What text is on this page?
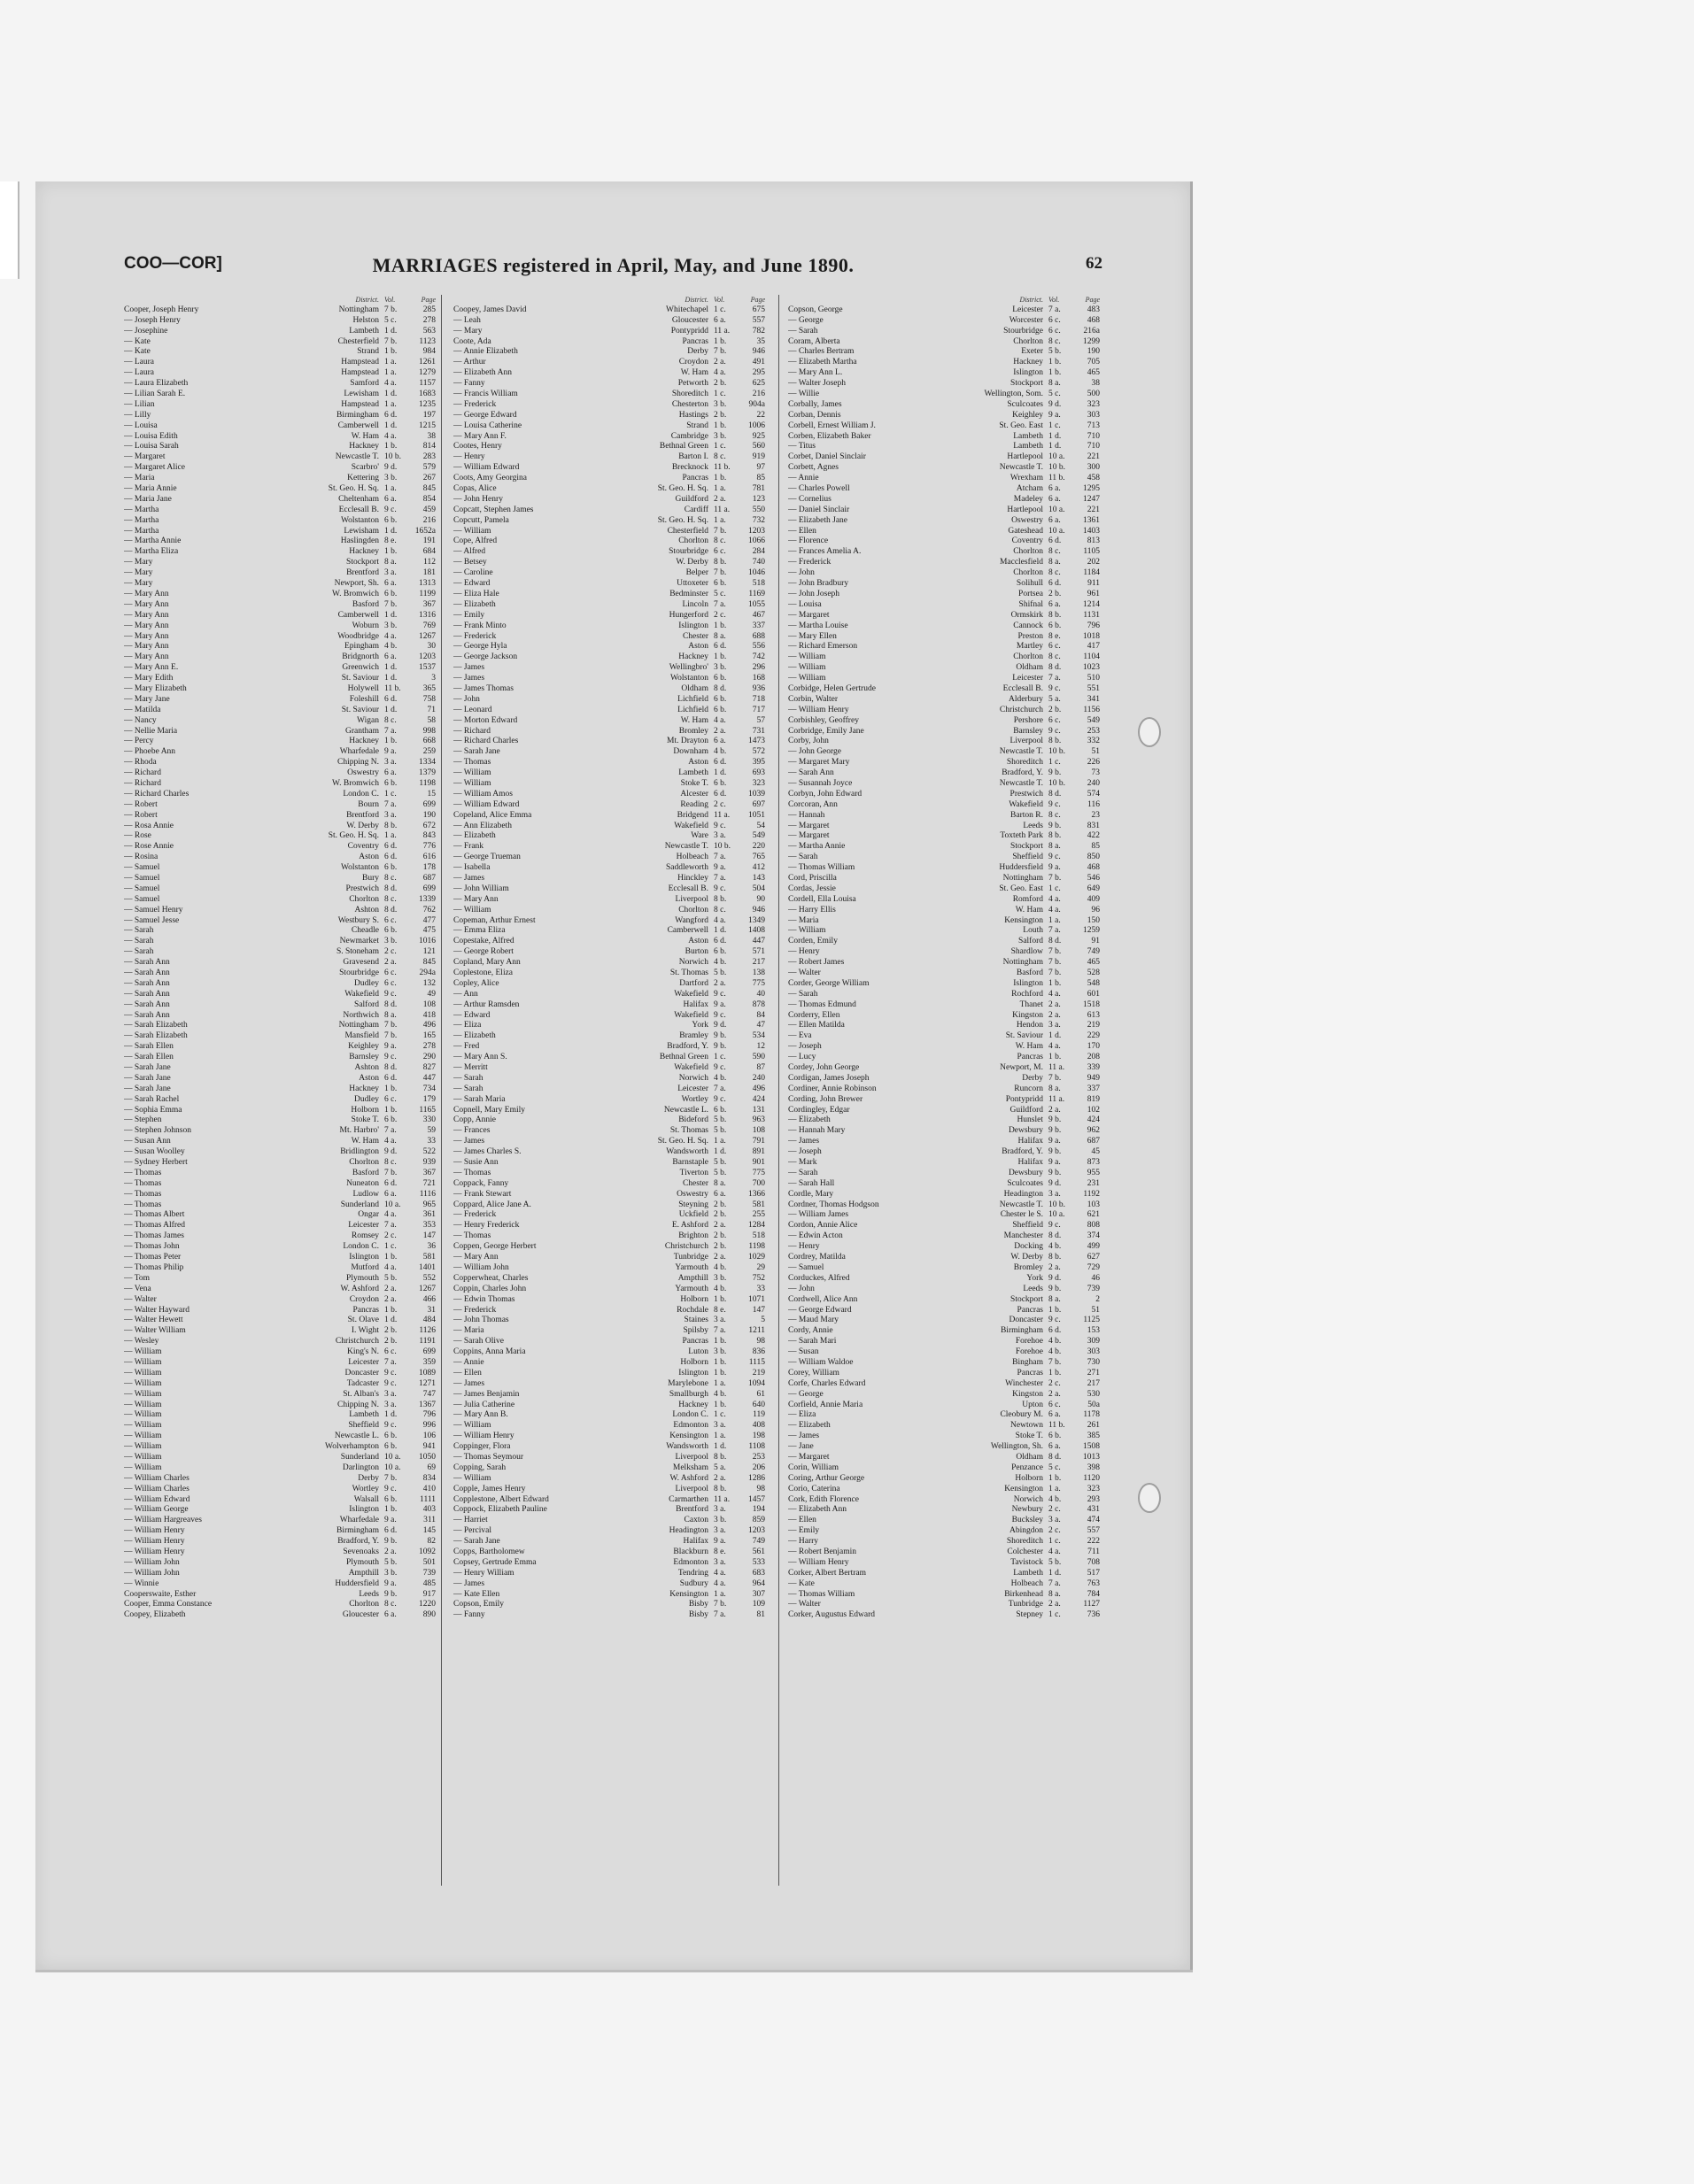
COO—COR]	MARRIAGES registered in April, May, and June 1890.	62
District. Vol.	Page
Cooper, Joseph Henry	Nottingham 7 b.	285
— Joseph Henry	Helston 5 c.	278
— Josephine	Lambeth 1 d.	563
— Kate	Chesterfield 7 b.	1123
— Kate	Strand 1 b.	984
— Laura	Hampstead 1 a.	1261
— Laura	Hampstead 1 a.	1279
— Laura Elizabeth	Samford 4 a.	1157
— Lilian Sarah E.	Lewisham 1 d.	1683
— Lilian	Hampstead 1 a.	1235
— Lilly	Birmingham 6 d.	197
— Louisa	Camberwell 1 d.	1215
— Louisa Edith	W. Ham 4 a.	38
— Louisa Sarah	Hackney 1 b.	814
— Margaret	Newcastle T. 10 b.	283
— Margaret Alice	Scarbro' 9 d.	579
— Maria	Kettering 3 b.	267
— Maria Annie	St. Geo. H. Sq. 1 a.	845
— Maria Jane	Cheltenham 6 a.	854
— Martha	Ecclesall B. 9 c.	459
— Martha	Wolstanton 6 b.	216
— Martha	Lewisham 1 d.	1652a
— Martha Annie	Haslingden 8 e.	191
— Martha Eliza	Hackney 1 b.	684
— Mary	Stockport 8 a.	112
— Mary	Brentford 3 a.	181
— Mary	Newport, Sh. 6 a.	1313
— Mary Ann	W. Bromwich 6 b.	1199
— Mary Ann	Basford 7 b.	367
— Mary Ann	Camberwell 1 d.	1316
— Mary Ann	Woburn 3 b.	769
— Mary Ann	Woodbridge 4 a.	1267
— Mary Ann	Epingham 4 b.	30
— Mary Ann	Bridgnorth 6 a.	1203
— Mary Ann E.	Greenwich 1 d.	1537
— Mary Edith	St. Saviour 1 d.	3
— Mary Elizabeth	Holywell 11 b.	365
— Mary Jane	Foleshill 6 d.	758
— Matilda	St. Saviour 1 d.	71
— Nancy	Wigan 8 c.	58
— Nellie Maria	Grantham 7 a.	998
— Percy	Hackney 1 b.	668
— Phoebe Ann	Wharfedale 9 a.	259
— Rhoda	Chipping N. 3 a.	1334
— Richard	Oswestry 6 a.	1379
— Richard	W. Bromwich 6 b.	1198
— Richard Charles	London C. 1 c.	15
— Robert	Bourn 7 a.	699
— Robert	Brentford 3 a.	190
— Rosa Annie	W. Derby 8 b.	672
— Rose	St. Geo. H. Sq. 1 a.	843
— Rose Annie	Coventry 6 d.	776
— Rosina	Aston 6 d.	616
— Samuel	Wolstanton 6 b.	178
— Samuel	Bury 8 c.	687
— Samuel	Prestwich 8 d.	699
— Samuel	Chorlton 8 c.	1339
— Samuel Henry	Ashton 8 d.	762
— Samuel Jesse	Westbury S. 6 c.	477
— Sarah	Cheadle 6 b.	475
— Sarah	Newmarket 3 b.	1016
— Sarah	S. Stoneham 2 c.	121
— Sarah Ann	Gravesend 2 a.	845
— Sarah Ann	Stourbridge 6 c.	294a
— Sarah Ann	Dudley 6 c.	132
— Sarah Ann	Wakefield 9 c.	49
— Sarah Ann	Salford 8 d.	108
— Sarah Ann	Northwich 8 a.	418
— Sarah Elizabeth	Nottingham 7 b.	496
— Sarah Elizabeth	Mansfield 7 b.	165
— Sarah Ellen	Keighley 9 a.	278
— Sarah Ellen	Barnsley 9 c.	290
— Sarah Jane	Ashton 8 d.	827
— Sarah Jane	Aston 6 d.	447
— Sarah Jane	Hackney 1 b.	734
— Sarah Rachel	Dudley 6 c.	179
— Sophia Emma	Holborn 1 b.	1165
— Stephen	Stoke T. 6 b.	330
— Stephen Johnson	Mt. Harbro' 7 a.	59
— Susan Ann	W. Ham 4 a.	33
— Susan Woolley	Bridlington 9 d.	522
— Sydney Herbert	Chorlton 8 c.	939
— Thomas	Basford 7 b.	367
— Thomas	Nuneaton 6 d.	721
— Thomas	Ludlow 6 a.	1116
— Thomas	Sunderland 10 a.	965
— Thomas Albert	Ongar 4 a.	361
— Thomas Alfred	Leicester 7 a.	353
— Thomas James	Romsey 2 c.	147
— Thomas John	London C. 1 c.	36
— Thomas Peter	Islington 1 b.	581
— Thomas Philip	Mutford 4 a.	1401
— Tom	Plymouth 5 b.	552
— Vena	W. Ashford 2 a.	1267
— Walter	Croydon 2 a.	466
— Walter Hayward	Pancras 1 b.	31
— Walter Hewett	St. Olave 1 d.	484
— Walter William	I. Wight 2 b.	1126
— Wesley	Christchurch 2 b.	1191
— William	King's N. 6 c.	699
— William	Leicester 7 a.	359
— William	Doncaster 9 c.	1089
— William	Tadcaster 9 c.	1271
— William	St. Alban's 3 a.	747
— William	Chipping N. 3 a.	1367
— William	Lambeth 1 d.	796
— William	Sheffield 9 c.	996
— William	Newcastle L. 6 b.	106
— William	Wolverhampton 6 b.	941
— William	Sunderland 10 a.	1050
— William	Darlington 10 a.	69
— William Charles	Derby 7 b.	834
— William Charles	Wortley 9 c.	410
— William Edward	Walsall 6 b.	1111
— William George	Islington 1 b.	403
— William Hargreaves	Wharfedale 9 a.	311
— William Henry	Birmingham 6 d.	145
— William Henry	Bradford, Y. 9 b.	82
— William Henry	Sevenoaks 2 a.	1092
— William John	Plymouth 5 b.	501
— William John	Ampthill 3 b.	739
— Winnie	Huddersfield 9 a.	485
Cooperswaite, Esther	Leeds 9 b.	917
Cooper, Emma Constance	Chorlton 8 c.	1220
Coopey, Elizabeth	Gloucester 6 a.	890
District. Vol.	Page
Coopey, James David	Whitechapel 1 c.	675
— Leah	Gloucester 6 a.	557
— Mary	Pontypridd 11 a.	782
Coote, Ada	Pancras 1 b.	35
— Annie Elizabeth	Derby 7 b.	946
— Arthur	Croydon 2 a.	491
— Elizabeth Ann	W. Ham 4 a.	295
— Fanny	Petworth 2 b.	625
— Francis William	Shoreditch 1 c.	216
— Frederick	Chesterton 3 b.	904a
— George Edward	Hastings 2 b.	22
— Louisa Catherine	Strand 1 b.	1006
— Mary Ann F.	Cambridge 3 b.	925
Cootes, Henry	Bethnal Green 1 c.	560
— Henry	Barton I. 8 c.	919
— William Edward	Brecknock 11 b.	97
Coots, Amy Georgina	Pancras 1 b.	85
Copas, Alice	St. Geo. H. Sq. 1 a.	781
— John Henry	Guildford 2 a.	123
Copcatt, Stephen James	Cardiff 11 a.	550
Copcutt, Pamela	St. Geo. H. Sq. 1 a.	732
— William	Chesterfield 7 b.	1203
Cope, Alfred	Chorlton 8 c.	1066
— Alfred	Stourbridge 6 c.	284
— Betsey	W. Derby 8 b.	740
— Caroline	Belper 7 b.	1046
— Edward	Uttoxeter 6 b.	518
— Eliza Hale	Bedminster 5 c.	1169
— Elizabeth	Lincoln 7 a.	1055
— Emily	Hungerford 2 c.	467
— Frank Minto	Islington 1 b.	337
— Frederick	Chester 8 a.	688
— George Hyla	Aston 6 d.	556
— George Jackson	Hackney 1 b.	742
— James	Wellingbro' 3 b.	296
— James	Wolstanton 6 b.	168
— James Thomas	Oldham 8 d.	936
— John	Lichfield 6 b.	718
— Leonard	Lichfield 6 b.	717
— Morton Edward	W. Ham 4 a.	57
— Richard	Bromley 2 a.	731
— Richard Charles	Mt. Drayton 6 a.	1473
— Sarah Jane	Downham 4 b.	572
— Thomas	Aston 6 d.	395
— William	Lambeth 1 d.	693
— William	Stoke T. 6 b.	323
— William Amos	Alcester 6 d.	1039
— William Edward	Reading 2 c.	697
Copeland, Alice Emma	Bridgend 11 a.	1051
— Ann Elizabeth	Wakefield 9 c.	54
— Elizabeth	Ware 3 a.	549
— Frank	Newcastle T. 10 b.	220
— George Trueman	Holbeach 7 a.	765
— Isabella	Saddleworth 9 a.	412
— James	Hinckley 7 a.	143
— John William	Ecclesall B. 9 c.	504
— Mary Ann	Liverpool 8 b.	90
— William	Chorlton 8 c.	946
Copeman, Arthur Ernest	Wangford 4 a.	1349
— Emma Eliza	Camberwell 1 d.	1408
Copestake, Alfred	Aston 6 d.	447
— George Robert	Burton 6 b.	571
Copland, Mary Ann	Norwich 4 b.	217
Coplestone, Eliza	St. Thomas 5 b.	138
Copley, Alice	Dartford 2 a.	775
— Ann	Wakefield 9 c.	40
— Arthur Ramsden	Halifax 9 a.	878
— Edward	Wakefield 9 c.	84
— Eliza	York 9 d.	47
— Elizabeth	Bramley 9 b.	534
— Fred	Bradford, Y. 9 b.	12
— Mary Ann S.	Bethnal Green 1 c.	590
— Merritt	Wakefield 9 c.	87
— Sarah	Norwich 4 b.	240
— Sarah	Leicester 7 a.	496
— Sarah Maria	Wortley 9 c.	424
Copnell, Mary Emily	Newcastle L. 6 b.	131
Copp, Annie	Bideford 5 b.	963
— Frances	St. Thomas 5 b.	108
— James	St. Geo. H. Sq. 1 a.	791
— James Charles S.	Wandsworth 1 d.	891
— Susie Ann	Barnstaple 5 b.	901
— Thomas	Tiverton 5 b.	775
Coppack, Fanny	Chester 8 a.	700
— Frank Stewart	Oswestry 6 a.	1366
Coppard, Alice Jane A.	Steyning 2 b.	581
— Frederick	Uckfield 2 b.	255
— Henry Frederick	E. Ashford 2 a.	1284
— Thomas	Brighton 2 b.	518
Coppen, George Herbert	Christchurch 2 b.	1198
— Mary Ann	Tunbridge 2 a.	1029
— William John	Yarmouth 4 b.	29
Copperwheat, Charles	Ampthill 3 b.	752
Coppin, Charles John	Yarmouth 4 b.	33
— Edwin Thomas	Holborn 1 b.	1071
— Frederick	Rochdale 8 e.	147
— John Thomas	Staines 3 a.	5
— Maria	Spilsby 7 a.	1211
— Sarah Olive	Pancras 1 b.	98
Coppins, Anna Maria	Luton 3 b.	836
— Annie	Holborn 1 b.	1115
— Ellen	Islington 1 b.	219
— James	Marylebone 1 a.	1094
— James Benjamin	Smallburgh 4 b.	61
— Julia Catherine	Hackney 1 b.	640
— Mary Ann B.	London C. 1 c.	119
— William	Edmonton 3 a.	408
— William Henry	Kensington 1 a.	198
Coppinger, Flora	Wandsworth 1 d.	1108
— Thomas Seymour	Liverpool 8 b.	253
Copping, Sarah	Melksham 5 a.	206
— William	W. Ashford 2 a.	1286
Copple, James Henry	Liverpool 8 b.	98
Copplestone, Albert Edward	Carmarthen 11 a.	1457
Coppock, Elizabeth Pauline	Brentford 3 a.	194
— Harriet	Caxton 3 b.	859
— Percival	Headington 3 a.	1203
— Sarah Jane	Halifax 9 a.	749
Copps, Bartholomew	Blackburn 8 e.	561
Copsey, Gertrude Emma	Edmonton 3 a.	533
— Henry William	Tendring 4 a.	683
— James	Sudbury 4 a.	964
— Kate Ellen	Kensington 1 a.	307
Copson, Emily	Bisby 7 b.	109
— Fanny	Bisby 7 a.	81
District. Vol.	Page
Copson, George	Leicester 7 a.	483
— George	Worcester 6 c.	468
— Sarah	Stourbridge 6 c.	216a
Coram, Alberta	Chorlton 8 c.	1299
— Charles Bertram	Exeter 5 b.	190
— Elizabeth Martha	Hackney 1 b.	705
— Mary Ann L.	Islington 1 b.	465
— Walter Joseph	Stockport 8 a.	38
— Willie	Wellington, Som. 5 c.	500
Corbally, James	Sculcoates 9 d.	323
Corban, Dennis	Keighley 9 a.	303
Corbell, Ernest William J.	St. Geo. East 1 c.	713
Corben, Elizabeth Baker	Lambeth 1 d.	710
— Titus	Lambeth 1 d.	710
Corbet, Daniel Sinclair	Hartlepool 10 a.	221
Corbett, Agnes	Newcastle T. 10 b.	300
— Annie	Wrexham 11 b.	458
— Charles Powell	Atcham 6 a.	1295
— Cornelius	Madeley 6 a.	1247
— Daniel Sinclair	Hartlepool 10 a.	221
— Elizabeth Jane	Oswestry 6 a.	1361
— Ellen	Gateshead 10 a.	1403
— Florence	Coventry 6 d.	813
— Frances Amelia A.	Chorlton 8 c.	1105
— Frederick	Macclesfield 8 a.	202
— John	Chorlton 8 c.	1184
— John Bradbury	Solihull 6 d.	911
— John Joseph	Portsea 2 b.	961
— Louisa	Shifnal 6 a.	1214
— Margaret	Ormskirk 8 b.	1131
— Martha Louise	Cannock 6 b.	796
— Mary Ellen	Preston 8 e.	1018
— Richard Emerson	Martley 6 c.	417
— William	Chorlton 8 c.	1104
— William	Oldham 8 d.	1023
— William	Leicester 7 a.	510
Corbidge, Helen Gertrude	Ecclesall B. 9 c.	551
Corbin, Walter	Alderbury 5 a.	341
— William Henry	Christchurch 2 b.	1156
Corbishley, Geoffrey	Pershore 6 c.	549
Corbridge, Emily Jane	Barnsley 9 c.	253
Corby, John	Liverpool 8 b.	332
— John George	Newcastle T. 10 b.	51
— Margaret Mary	Shoreditch 1 c.	226
— Sarah Ann	Bradford, Y. 9 b.	73
— Susannah Joyce	Newcastle T. 10 b.	240
Corbyn, John Edward	Prestwich 8 d.	574
Corcoran, Ann	Wakefield 9 c.	116
— Hannah	Barton R. 8 c.	23
— Margaret	Leeds 9 b.	831
— Margaret	Toxteth Park 8 b.	422
— Martha Annie	Stockport 8 a.	85
— Sarah	Sheffield 9 c.	850
— Thomas William	Huddersfield 9 a.	468
Cord, Priscilla	Nottingham 7 b.	546
Cordas, Jessie	St. Geo. East 1 c.	649
Cordell, Ella Louisa	Romford 4 a.	409
— Harry Ellis	W. Ham 4 a.	96
— Maria	Kensington 1 a.	150
— William	Louth 7 a.	1259
Corden, Emily	Salford 8 d.	91
— Henry	Shardlow 7 b.	749
— Robert James	Nottingham 7 b.	465
— Walter	Basford 7 b.	528
Corder, George William	Islington 1 b.	548
— Sarah	Rochford 4 a.	601
— Thomas Edmund	Thanet 2 a.	1518
Corderry, Ellen	Kingston 2 a.	613
— Ellen Matilda	Hendon 3 a.	219
— Eva	St. Saviour 1 d.	229
— Joseph	W. Ham 4 a.	170
— Lucy	Pancras 1 b.	208
Cordey, John George	Newport, M. 11 a.	339
Cordigan, James Joseph	Derby 7 b.	949
Cordiner, Annie Robinson	Runcorn 8 a.	337
Cording, John Brewer	Pontypridd 11 a.	819
Cordingley, Edgar	Guildford 2 a.	102
— Elizabeth	Hunslet 9 b.	424
— Hannah Mary	Dewsbury 9 b.	962
— James	Halifax 9 a.	687
— Joseph	Bradford, Y. 9 b.	45
— Mark	Halifax 9 a.	873
— Sarah	Dewsbury 9 b.	955
— Sarah Hall	Sculcoates 9 d.	231
Cordle, Mary	Headington 3 a.	1192
Cordner, Thomas Hodgson	Newcastle T. 10 b.	103
— William James	Chester le S. 10 a.	621
Cordon, Annie Alice	Sheffield 9 c.	808
— Edwin Acton	Manchester 8 d.	374
— Henry	Docking 4 b.	499
Cordrey, Matilda	W. Derby 8 b.	627
— Samuel	Bromley 2 a.	729
Corduckes, Alfred	York 9 d.	46
— John	Leeds 9 b.	739
Cordwell, Alice Ann	Stockport 8 a.	2
— George Edward	Pancras 1 b.	51
— Maud Mary	Doncaster 9 c.	1125
Cordy, Annie	Birmingham 6 d.	153
— Sarah Mari	Forehoe 4 b.	309
— Susan	Forehoe 4 b.	303
— William Waldoe	Bingham 7 b.	730
Corey, William	Pancras 1 b.	271
Corfe, Charles Edward	Winchester 2 c.	217
— George	Kingston 2 a.	530
Corfield, Annie Maria	Upton 6 c.	50a
— Eliza	Cleobury M. 6 a.	1178
— Elizabeth	Newtown 11 b.	261
— James	Stoke T. 6 b.	385
— Jane	Wellington, Sh. 6 a.	1508
— Margaret	Oldham 8 d.	1013
Corin, William	Penzance 5 c.	398
Coring, Arthur George	Holborn 1 b.	1120
Corio, Caterina	Kensington 1 a.	323
Cork, Edith Florence	Norwich 4 b.	293
— Elizabeth Ann	Newbury 2 c.	431
— Ellen	Bucksley 3 a.	474
— Emily	Abingdon 2 c.	557
— Harry	Shoreditch 1 c.	222
— Robert Benjamin	Colchester 4 a.	711
— William Henry	Tavistock 5 b.	708
Corker, Albert Bertram	Lambeth 1 d.	517
— Kate	Holbeach 7 a.	763
— Thomas William	Birkenhead 8 a.	784
— Walter	Tunbridge 2 a.	1127
Corker, Augustus Edward	Stepney 1 c.	736
